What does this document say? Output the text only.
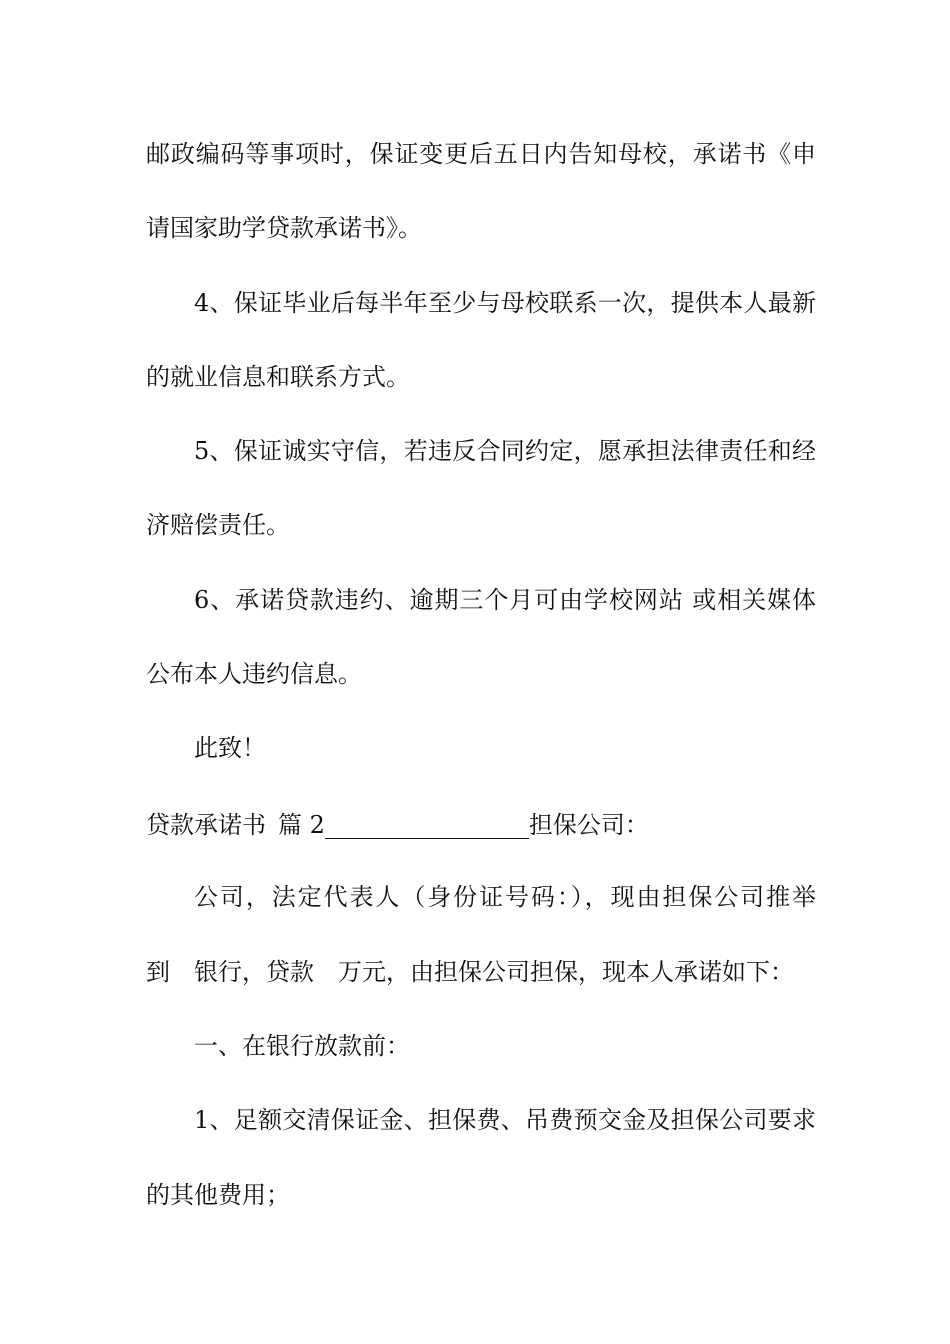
邮政编码等事项时，保证变更后五日内告知母校，承诺书《申
请国家助学贷款承诺书》。
4、保证毕业后每半年至少与母校联系一次，提供本人最新
的就业信息和联系方式。
5、保证诚实守信，若违反合同约定，愿承担法律责任和经
济赔偿责任。
6、承诺贷款违约、逾期三个月可由学校网站 或相关媒体
公布本人违约信息。
此致！
贷款承诺书 篇 2	担保公司：
公司，法定代表人（身份证号码：），现由担保公司推举
到 银行，贷款 万元，由担保公司担保，现本人承诺如下：
一、在银行放款前：
1、足额交清保证金、担保费、吊费预交金及担保公司要求
的其他费用；
